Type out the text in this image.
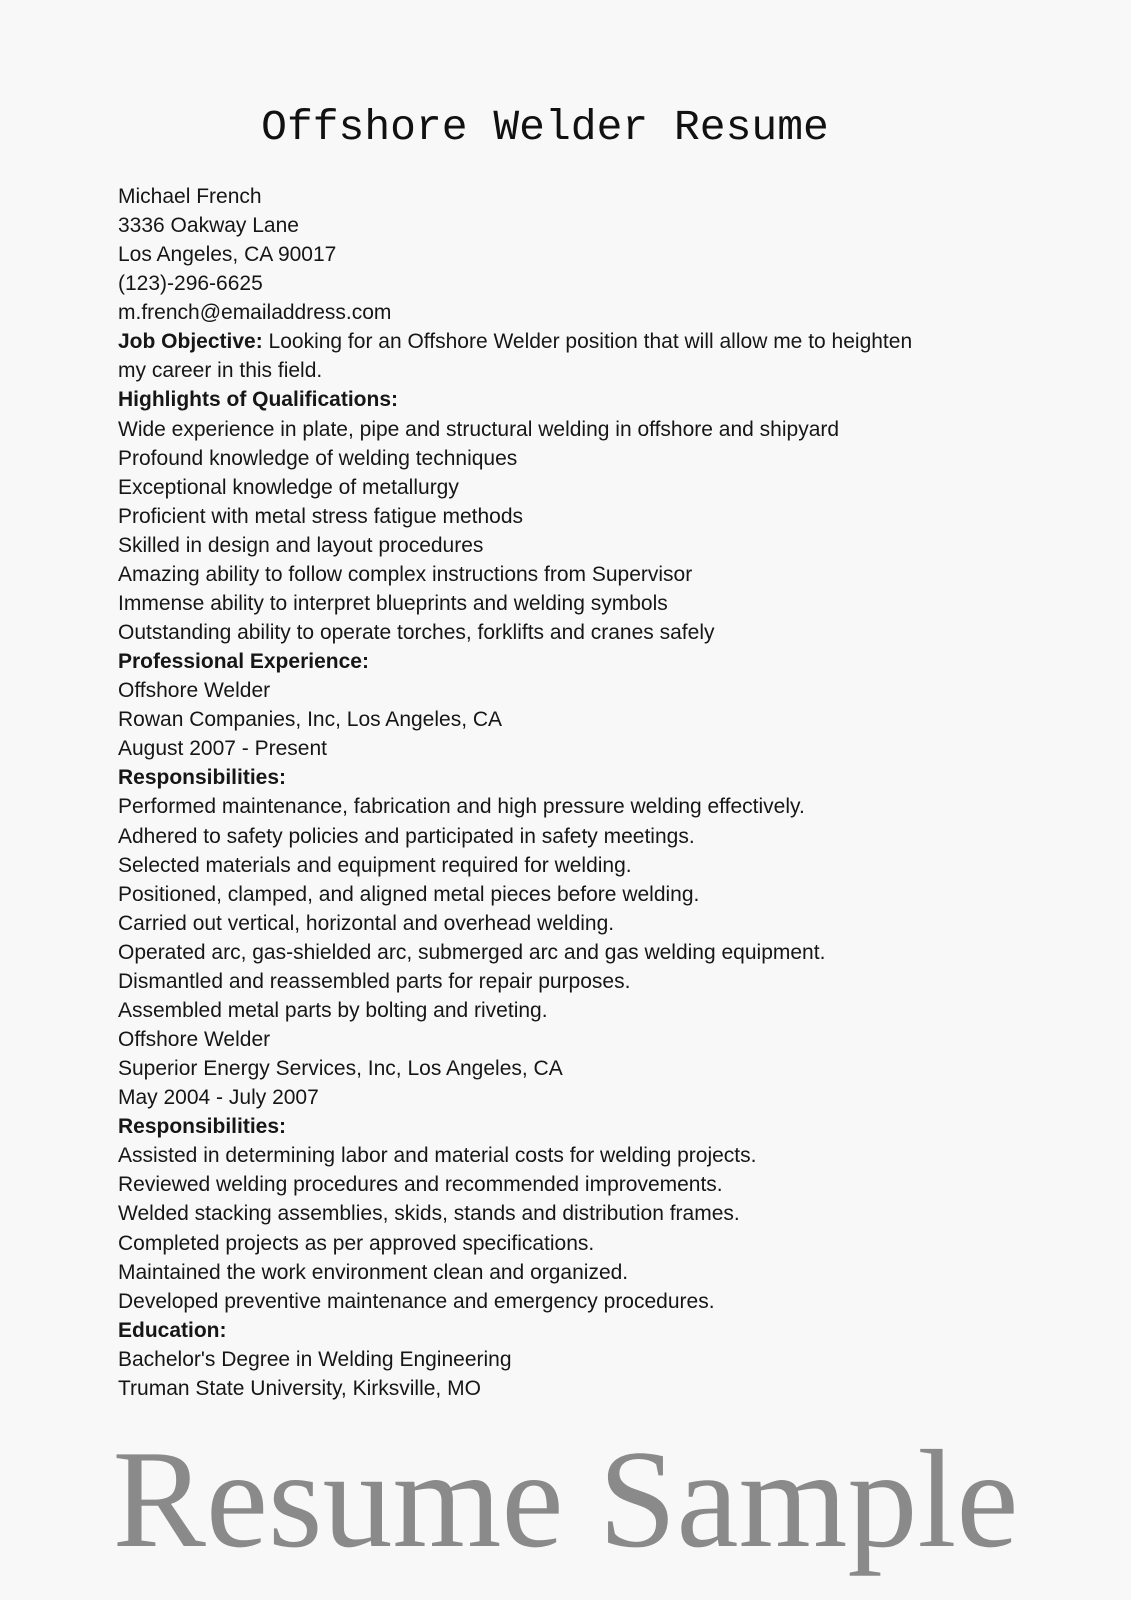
Offshore Welder Resume
Michael French
3336 Oakway Lane
Los Angeles, CA 90017
(123)-296-6625
m.french@emailaddress.com
Job Objective: Looking for an Offshore Welder position that will allow me to heighten
my career in this field.
Highlights of Qualifications:
Wide experience in plate, pipe and structural welding in offshore and shipyard
Profound knowledge of welding techniques
Exceptional knowledge of metallurgy
Proficient with metal stress fatigue methods
Skilled in design and layout procedures
Amazing ability to follow complex instructions from Supervisor
Immense ability to interpret blueprints and welding symbols
Outstanding ability to operate torches, forklifts and cranes safely
Professional Experience:
Offshore Welder
Rowan Companies, Inc, Los Angeles, CA
August 2007 - Present
Responsibilities:
Performed maintenance, fabrication and high pressure welding effectively.
Adhered to safety policies and participated in safety meetings.
Selected materials and equipment required for welding.
Positioned, clamped, and aligned metal pieces before welding.
Carried out vertical, horizontal and overhead welding.
Operated arc, gas-shielded arc, submerged arc and gas welding equipment.
Dismantled and reassembled parts for repair purposes.
Assembled metal parts by bolting and riveting.
Offshore Welder
Superior Energy Services, Inc, Los Angeles, CA
May 2004 - July 2007
Responsibilities:
Assisted in determining labor and material costs for welding projects.
Reviewed welding procedures and recommended improvements.
Welded stacking assemblies, skids, stands and distribution frames.
Completed projects as per approved specifications.
Maintained the work environment clean and organized.
Developed preventive maintenance and emergency procedures.
Education:
Bachelor's Degree in Welding Engineering
Truman State University, Kirksville, MO
Resume Sample
